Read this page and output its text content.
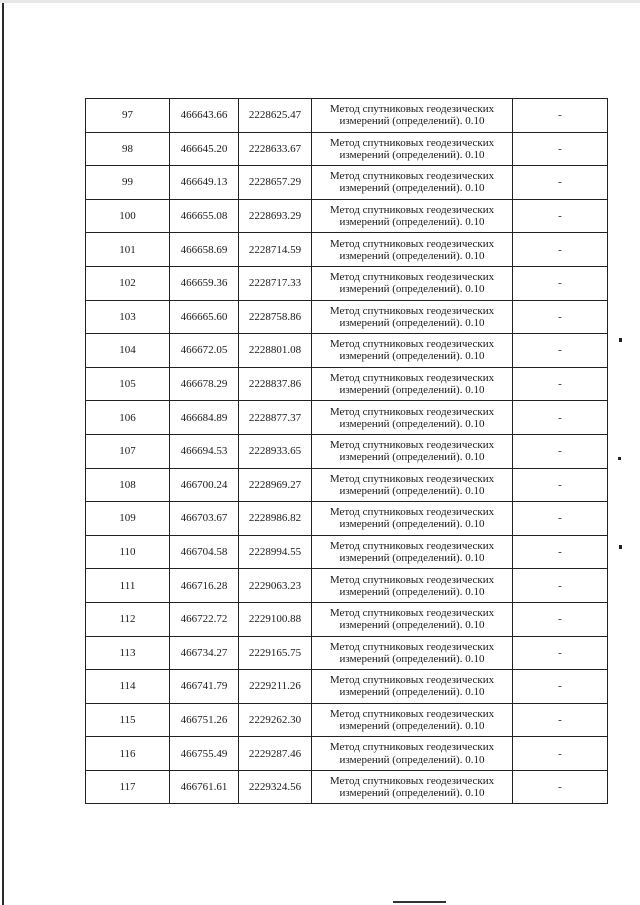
97	466643.66	2228625.47	Метод спутниковых геодезических
измерений (определений). 0.10	-
98	466645.20	2228633.67	Метод спутниковых геодезических
измерений (определений). 0.10	-
99	466649.13	2228657.29	Метод спутниковых геодезических
измерений (определений). 0.10	-
100	466655.08	2228693.29	Метод спутниковых геодезических
измерений (определений). 0.10	-
101	466658.69	2228714.59	Метод спутниковых геодезических
измерений (определений). 0.10	-
102	466659.36	2228717.33	Метод спутниковых геодезических
измерений (определений). 0.10	-
103	466665.60	2228758.86	Метод спутниковых геодезических
измерений (определений). 0.10	-
104	466672.05	2228801.08	Метод спутниковых геодезических
измерений (определений). 0.10	-
105	466678.29	2228837.86	Метод спутниковых геодезических
измерений (определений). 0.10	-
106	466684.89	2228877.37	Метод спутниковых геодезических
измерений (определений). 0.10	-
107	466694.53	2228933.65	Метод спутниковых геодезических
измерений (определений). 0.10	-
108	466700.24	2228969.27	Метод спутниковых геодезических
измерений (определений). 0.10	-
109	466703.67	2228986.82	Метод спутниковых геодезических
измерений (определений). 0.10	-
110	466704.58	2228994.55	Метод спутниковых геодезических
измерений (определений). 0.10	-
111	466716.28	2229063.23	Метод спутниковых геодезических
измерений (определений). 0.10	-
112	466722.72	2229100.88	Метод спутниковых геодезических
измерений (определений). 0.10	-
113	466734.27	2229165.75	Метод спутниковых геодезических
измерений (определений). 0.10	-
114	466741.79	2229211.26	Метод спутниковых геодезических
измерений (определений). 0.10	-
115	466751.26	2229262.30	Метод спутниковых геодезических
измерений (определений). 0.10	-
116	466755.49	2229287.46	Метод спутниковых геодезических
измерений (определений). 0.10	-
117	466761.61	2229324.56	Метод спутниковых геодезических
измерений (определений). 0.10	-
